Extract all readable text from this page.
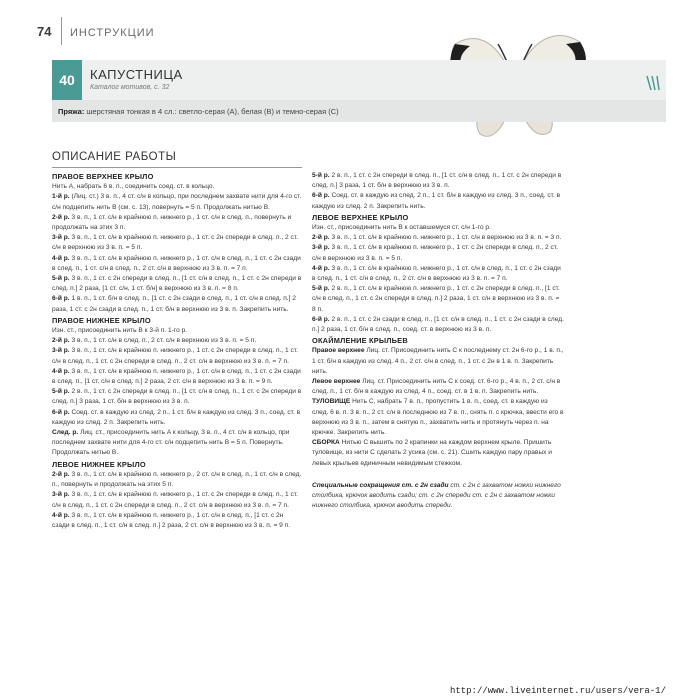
74 ИНСТРУКЦИИ
40	КАПУСТНИЦА
Каталог мотивов, с. 32
Пряжа: шерстяная тонкая в 4 сл.: светло-серая (A), белая (B) и темно-серая (C)
ОПИСАНИЕ РАБОТЫ

ПРАВОЕ ВЕРХНЕЕ КРЫЛО

Нить A, набрать 6 в. п., соединить соед. ст. в кольцо.

1-й р. (Лиц. ст.) 3 в. п., 4 ст. с/н в кольцо, при последнем захвате нити для 4-го ст. с/н подцепить нить B (см. с. 13), повернуть = 5 п. Продолжать нитью B.

2-й р. 3 в. п., 1 ст. с/н в крайнюю п. нижнего р., 1 ст. с/н в след. п., повернуть и продолжать на этих 3 п.

3-й р. 3 в. п., 1 ст. с/н в крайнюю п. нижнего р., 1 ст. с 2н спереди в след. п., 2 ст. с/н в верхнюю из 3 в. п. = 5 п.

4-й р. 3 в. п., 1 ст. с/н в крайнюю п. нижнего р., 1 ст. с/н в след. п., 1 ст. с 2н сзади в след. п., 1 ст. с/н в след. п., 2 ст. с/н в верхнюю из 3 в. п. = 7 п.

5-й р. 3 в. п., 1 ст. с 2н спереди в след. п., [1 ст. с/н в след. п., 1 ст. с 2н спереди в след. п.] 2 раза, [1 ст. с/н, 1 ст. б/н] в верхнюю из 3 в. п. = 8 п.

6-й р. 1 в. п., 1 ст. б/н в след. п., [1 ст. с 2н сзади в след. п., 1 ст. с/н в след. п.] 2 раза, 1 ст. с 2н сзади в след. п., 1 ст. б/н в верхнюю из 3 в. п. Закрепить нить.

ПРАВОЕ НИЖНЕЕ КРЫЛО

Изн. ст., присоединить нить B к 3-й п. 1-го р.

2-й р. 3 в. п., 1 ст. с/н в след. п., 2 ст. с/н в верхнюю из 3 в. п. = 5 п.

3-й р. 3 в. п., 1 ст. с/н в крайнюю п. нижнего р., 1 ст. с 2н спереди в след. п., 1 ст. с/н в след. п., 1 ст. с 2н спереди в след. п., 2 ст. с/н в верхнюю из 3 в. п. = 7 п.

4-й р. 3 в. п., 1 ст. с/н в крайнюю п. нижнего р., 1 ст. с/н в след. п., 1 ст. с 2н сзади в след. п., [1 ст. с/н в след. п.] 2 раза, 2 ст. с/н в верхнюю из 3 в. п. = 9 п.

5-й р. 2 в. п., 1 ст. с 2н спереди в след. п., [1 ст. с/н в след. п., 1 ст. с 2н спереди в след. п.] 3 раза, 1 ст. б/н в верхнюю из 3 в. п.

6-й р. Соед. ст. в каждую из след. 2 п., 1 ст. б/н в каждую из след. 3 п., соед. ст. в каждую из след. 2 п. Закрепить нить.

След. р. Лиц. ст., присоединить нить A к кольцу, 3 в. п., 4 ст. с/н в кольцо, при последнем захвате нити для 4-го ст. с/н подцепить нить B = 5 п. Повернуть. Продолжать нитью B.

ЛЕВОЕ НИЖНЕЕ КРЫЛО

2-й р. 3 в. п., 1 ст. с/н в крайнюю п. нижнего р., 2 ст. с/н в след. п., 1 ст. с/н в след. п., повернуть и продолжать на этих 5 п.

3-й р. 3 в. п., 1 ст. с/н в крайнюю п. нижнего р., 1 ст. с 2н спереди в след. п., 1 ст. с/н в след. п., 1 ст. с 2н спереди в след. п., 2 ст. с/н в верхнюю из 3 в. п. = 7 п.

4-й р. 3 в. п., 1 ст. с/н в крайнюю п. нижнего р., 1 ст. с/н в след. п., [1 ст. с 2н сзади в след. п., 1 ст. с/н в след. п.] 2 раза, 2 ст. с/н в верхнюю из 3 в. п. = 9 п.

5-й р. 2 в. п., 1 ст. с 2н спереди в след. п., [1 ст. с/н в след. п., 1 ст. с 2н спереди в след. п.] 3 раза, 1 ст. б/н в верхнюю из 3 в. п.

6-й р. Соед. ст. в каждую из след. 2 п., 1 ст. б/н в каждую из след. 3 п., соед. ст. в каждую из след. 2 п. Закрепить нить.

ЛЕВОЕ ВЕРХНЕЕ КРЫЛО

Изн. ст., присоединить нить B к оставшемуся ст. с/н 1-го р.

2-й р. 3 в. п., 1 ст. с/н в крайнюю п. нижнего р., 1 ст. с/н в верхнюю из 3 в. п. = 3 п.

3-й р. 3 в. п., 1 ст. с/н в крайнюю п. нижнего р., 1 ст. с 2н спереди в след. п., 2 ст. с/н в верхнюю из 3 в. п. = 5 п.

4-й р. 3 в. п., 1 ст. с/н в крайнюю п. нижнего р., 1 ст. с/н в след. п., 1 ст. с 2н сзади в след. п., 1 ст. с/н в след. п., 2 ст. с/н в верхнюю из 3 в. п. = 7 п.

5-й р. 2 в. п., 1 ст. с/н в крайнюю п. нижнего р., 1 ст. с 2н спереди в след. п., [1 ст. с/н в след. п., 1 ст. с 2н спереди в след. п.] 2 раза, 1 ст. с/н в верхнюю из 3 в. п. = 8 п.

6-й р. 2 в. п., 1 ст. с 2н сзади в след. п., [1 ст. с/н в след. п., 1 ст. с 2н сзади в след. п.] 2 раза, 1 ст. б/н в след. п., соед. ст. в верхнюю из 3 в. п.

ОКАЙМЛЕНИЕ КРЫЛЬЕВ

Правое верхнее Лиц. ст. Присоединить нить C к последнему ст. 2н 6-го р., 1 в. п., 1 ст. б/н в каждую из след. 4 п., 2 ст. с/н в след. п., 1 ст. с 2н в 1 в. п. Закрепить нить.

Левое верхнее Лиц. ст. Присоединить нить C к соед. ст. 6-го р., 4 в. п., 2 ст. с/н в след. п., 1 ст. б/н в каждую из след. 4 п., соед. ст. в 1 в. п. Закрепить нить.

ТУЛОВИЩЕ Нить C, набрать 7 в. п., пропустить 1 в. п., соед. ст. в каждую из след. 6 в. п. 3 в. п., 2 ст. с/н в последнюю из 7 в. п., снять п. с крючка, ввести его в верхнюю из 3 в. п., затем в снятую п., захватить нить и протянуть через п. на крючке. Закрепить нить.

СБОРКА Нитью C вышить по 2 крапинки на каждом верхнем крыле. Пришить туловище, из нити C сделать 2 усика (см. с. 21). Сшить каждую пару правых и левых крыльев единичным невидимым стежком.

Специальные сокращения ст. с 2н сзади ст. с 2н с захватом ножки нижнего столбика, крючок вводить сзади; ст. с 2н спереди ст. с 2н с захватом ножки нижнего столбика, крючок вводить спереди.

http://www.liveinternet.ru/users/vera-1/
